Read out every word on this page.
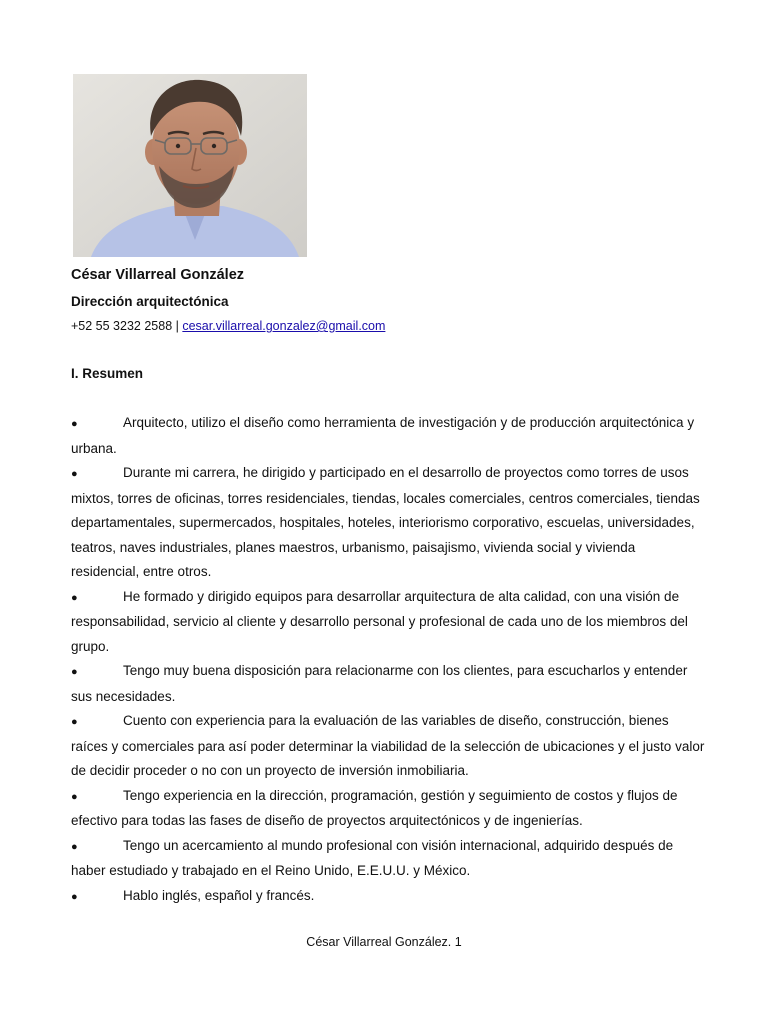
César Villarreal González
Dirección arquitectónica
+52 55 3232 2588 | cesar.villarreal.gonzalez@gmail.com
I. Resumen
●	Arquitecto, utilizo el diseño como herramienta de investigación y de producción arquitectónica y urbana.
●	Durante mi carrera, he dirigido y participado en el desarrollo de proyectos como torres de usos mixtos, torres de oficinas, torres residenciales, tiendas, locales comerciales, centros comerciales, tiendas departamentales, supermercados, hospitales, hoteles, interiorismo corporativo, escuelas, universidades, teatros, naves industriales, planes maestros, urbanismo, paisajismo, vivienda social y vivienda residencial, entre otros.
●	He formado y dirigido equipos para desarrollar arquitectura de alta calidad, con una visión de responsabilidad, servicio al cliente y desarrollo personal y profesional de cada uno de los miembros del grupo.
●	Tengo muy buena disposición para relacionarme con los clientes, para escucharlos y entender sus necesidades.
●	Cuento con experiencia para la evaluación de las variables de diseño, construcción, bienes raíces y comerciales para así poder determinar la viabilidad de la selección de ubicaciones y el justo valor de decidir proceder o no con un proyecto de inversión inmobiliaria.
●	Tengo experiencia en la dirección, programación, gestión y seguimiento de costos y flujos de efectivo para todas las fases de diseño de proyectos arquitectónicos y de ingenierías.
●	Tengo un acercamiento al mundo profesional con visión internacional, adquirido después de haber estudiado y trabajado en el Reino Unido, E.E.U.U. y México.
●	Hablo inglés, español y francés.
César Villarreal González. 1
